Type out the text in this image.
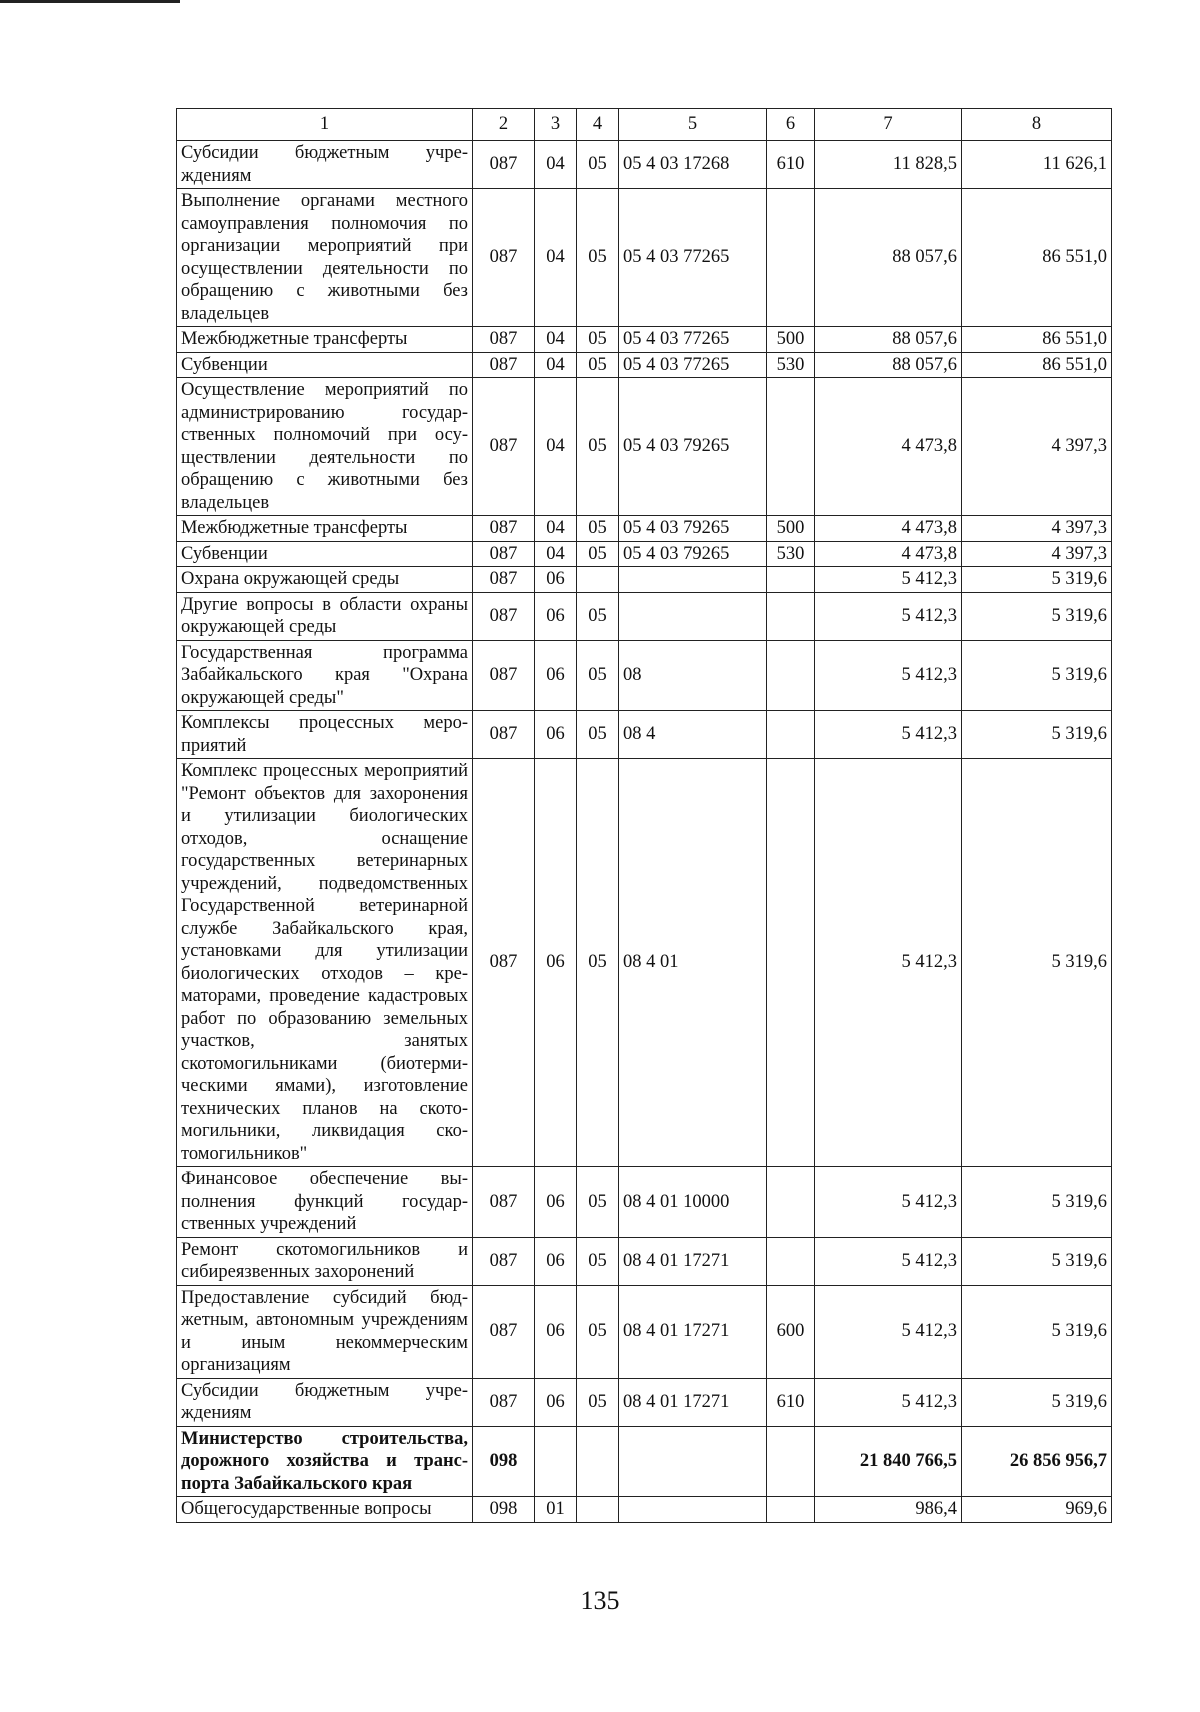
1	2	3	4	5	6	7	8
Субсидии бюджетным учреждениям	087	04	05	05 4 03 17268	610	11 828,5	11 626,1
Выполнение органами местного самоуправления полномочия по организации мероприятий при осуществлении деятельности по обращению с животными без владельцев	087	04	05	05 4 03 77265		88 057,6	86 551,0
Межбюджетные трансферты	087	04	05	05 4 03 77265	500	88 057,6	86 551,0
Субвенции	087	04	05	05 4 03 77265	530	88 057,6	86 551,0
Осуществление мероприятий по администрированию государственных полномочий при осуществлении деятельности по обращению с животными без владельцев	087	04	05	05 4 03 79265		4 473,8	4 397,3
Межбюджетные трансферты	087	04	05	05 4 03 79265	500	4 473,8	4 397,3
Субвенции	087	04	05	05 4 03 79265	530	4 473,8	4 397,3
Охрана окружающей среды	087	06				5 412,3	5 319,6
Другие вопросы в области охраны окружающей среды	087	06	05			5 412,3	5 319,6
Государственная программа Забайкальского края "Охрана окружающей среды"	087	06	05	08		5 412,3	5 319,6
Комплексы процессных мероприятий	087	06	05	08 4		5 412,3	5 319,6
Комплекс процессных мероприятий "Ремонт объектов для захоронения и утилизации биологических отходов, оснащение государственных ветеринарных учреждений, подведомственных Государственной ветеринарной службе Забайкальского края, установками для утилизации биологических отходов – крематорами, проведение кадастровых работ по образованию земельных участков, занятых скотомогильниками (биотермическими ямами), изготовление технических планов на скотомогильники, ликвидация скотомогильников"	087	06	05	08 4 01		5 412,3	5 319,6
Финансовое обеспечение выполнения функций государственных учреждений	087	06	05	08 4 01 10000		5 412,3	5 319,6
Ремонт скотомогильников и сибиреязвенных захоронений	087	06	05	08 4 01 17271		5 412,3	5 319,6
Предоставление субсидий бюджетным, автономным учреждениям и иным некоммерческим организациям	087	06	05	08 4 01 17271	600	5 412,3	5 319,6
Субсидии бюджетным учреждениям	087	06	05	08 4 01 17271	610	5 412,3	5 319,6
Министерство строительства, дорожного хозяйства и транспорта Забайкальского края	098					21 840 766,5	26 856 956,7
Общегосударственные вопросы	098	01				986,4	969,6
135
